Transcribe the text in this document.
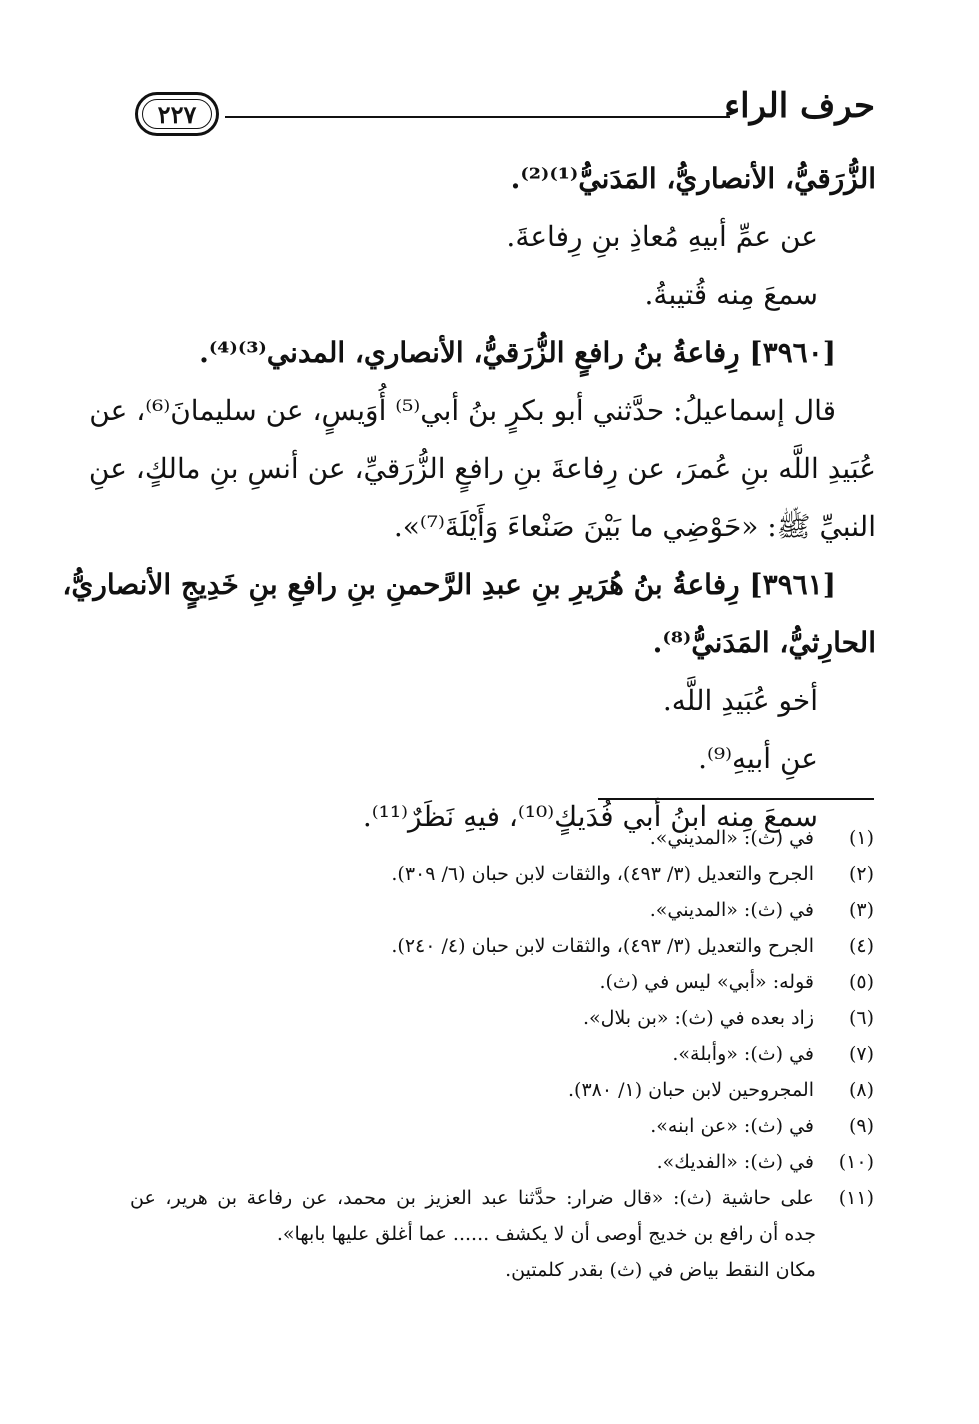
حرف الراء
٢٢٧
الزُّرَقيُّ، الأنصاريُّ، المَدَنيُّ⁽¹⁾⁽²⁾.
عن عمِّ أبيهِ مُعاذِ بنِ رِفاعةَ.
سمعَ مِنه قُتيبةُ.
[٣٩٦٠] رِفاعةُ بنُ رافعٍ الزُّرَقيُّ، الأنصاري، المدني⁽³⁾⁽⁴⁾.
قال إسماعيلُ: حدَّثني أبو بكرٍ بنُ أبي⁽⁵⁾ أُوَيسٍ، عن سليمانَ⁽⁶⁾، عن
عُبَيدِ اللَّه بنِ عُمرَ، عن رِفاعةَ بنِ رافعٍ الزُّرَقيِّ، عن أنسِ بنِ مالكٍ، عنِ
النبيِّ ﷺ: «حَوْضِي ما بَيْنَ صَنْعاءَ وَأَيْلَةَ⁽⁷⁾».
[٣٩٦١] رِفاعةُ بنُ هُرَيرِ بنِ عبدِ الرَّحمنِ بنِ رافعِ بنِ خَدِيجٍ الأنصاريُّ،
الحارِثيُّ، المَدَنيُّ⁽⁸⁾.
أخو عُبَيدِ اللَّه.
عنِ أبيهِ⁽⁹⁾.
سمعَ مِنه ابنُ أبي فُدَيكٍ⁽¹⁰⁾، فيهِ نَظَرٌ⁽¹¹⁾.
(١)
في (ث): «المديني».
(٢)
الجرح والتعديل (٣/ ٤٩٣)، والثقات لابن حبان (٦/ ٣٠٩).
(٣)
في (ث): «المديني».
(٤)
الجرح والتعديل (٣/ ٤٩٣)، والثقات لابن حبان (٤/ ٢٤٠).
(٥)
قوله: «أبي» ليس في (ث).
(٦)
زاد بعده في (ث): «بن بلال».
(٧)
في (ث): «وأبلة».
(٨)
المجروحين لابن حبان (١/ ٣٨٠).
(٩)
في (ث): «عن ابنه».
(١٠)
في (ث): «الفديك».
(١١)
على حاشية (ث): «قال ضرار: حدَّثنا عبد العزيز بن محمد، عن رفاعة بن هرير، عن
جده أن رافع بن خديج أوصى أن لا يكشف ...... عما أغلق عليها بابها».
مكان النقط بياض في (ث) بقدر كلمتين.
